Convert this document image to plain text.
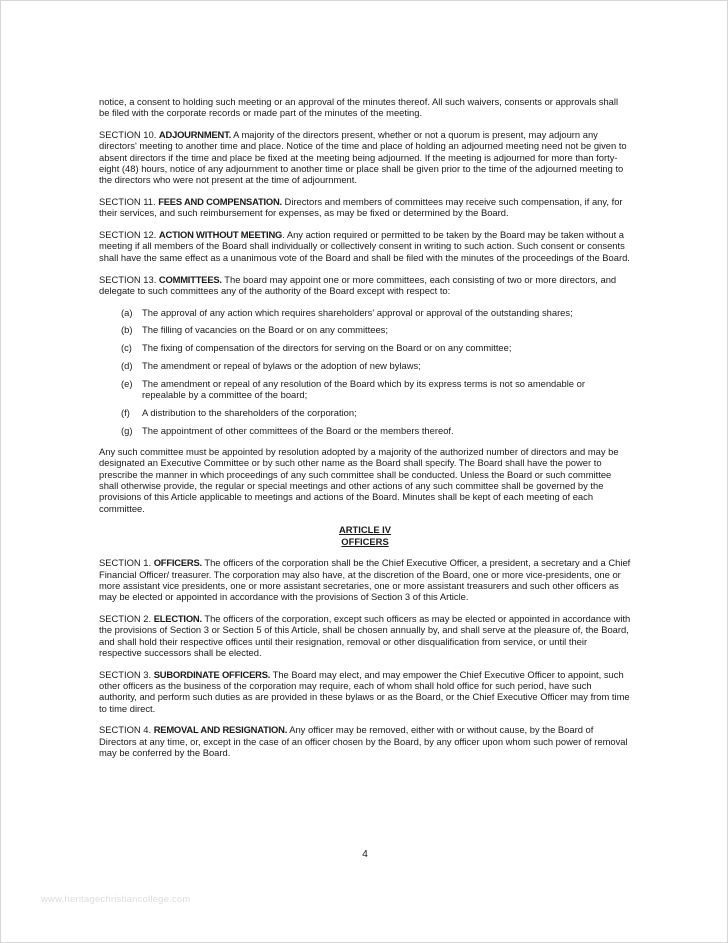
notice, a consent to holding such meeting or an approval of the minutes thereof. All such waivers, consents or approvals shall be filed with the corporate records or made part of the minutes of the meeting.

SECTION 10. ADJOURNMENT. A majority of the directors present, whether or not a quorum is present, may adjourn any directors' meeting to another time and place. Notice of the time and place of holding an adjourned meeting need not be given to absent directors if the time and place be fixed at the meeting being adjourned. If the meeting is adjourned for more than forty-eight (48) hours, notice of any adjournment to another time or place shall be given prior to the time of the adjourned meeting to the directors who were not present at the time of adjournment.

SECTION 11. FEES AND COMPENSATION. Directors and members of committees may receive such compensation, if any, for their services, and such reimbursement for expenses, as may be fixed or determined by the Board.

SECTION 12. ACTION WITHOUT MEETING. Any action required or permitted to be taken by the Board may be taken without a meeting if all members of the Board shall individually or collectively consent in writing to such action. Such consent or consents shall have the same effect as a unanimous vote of the Board and shall be filed with the minutes of the proceedings of the Board.

SECTION 13. COMMITTEES. The board may appoint one or more committees, each consisting of two or more directors, and delegate to such committees any of the authority of the Board except with respect to:

(a) The approval of any action which requires shareholders' approval or approval of the outstanding shares;
(b) The filling of vacancies on the Board or on any committees;
(c) The fixing of compensation of the directors for serving on the Board or on any committee;
(d) The amendment or repeal of bylaws or the adoption of new bylaws;
(e) The amendment or repeal of any resolution of the Board which by its express terms is not so amendable or repealable by a committee of the board;
(f) A distribution to the shareholders of the corporation;
(g) The appointment of other committees of the Board or the members thereof.

Any such committee must be appointed by resolution adopted by a majority of the authorized number of directors and may be designated an Executive Committee or by such other name as the Board shall specify. The Board shall have the power to prescribe the manner in which proceedings of any such committee shall be conducted. Unless the Board or such committee shall otherwise provide, the regular or special meetings and other actions of any such committee shall be governed by the provisions of this Article applicable to meetings and actions of the Board. Minutes shall be kept of each meeting of each committee.

ARTICLE IV
OFFICERS

SECTION 1. OFFICERS. The officers of the corporation shall be the Chief Executive Officer, a president, a secretary and a Chief Financial Officer/ treasurer. The corporation may also have, at the discretion of the Board, one or more vice-presidents, one or more assistant vice presidents, one or more assistant secretaries, one or more assistant treasurers and such other officers as may be elected or appointed in accordance with the provisions of Section 3 of this Article.

SECTION 2. ELECTION. The officers of the corporation, except such officers as may be elected or appointed in accordance with the provisions of Section 3 or Section 5 of this Article, shall be chosen annually by, and shall serve at the pleasure of, the Board, and shall hold their respective offices until their resignation, removal or other disqualification from service, or until their respective successors shall be elected.

SECTION 3. SUBORDINATE OFFICERS. The Board may elect, and may empower the Chief Executive Officer to appoint, such other officers as the business of the corporation may require, each of whom shall hold office for such period, have such authority, and perform such duties as are provided in these bylaws or as the Board, or the Chief Executive Officer may from time to time direct.

SECTION 4. REMOVAL AND RESIGNATION. Any officer may be removed, either with or without cause, by the Board of Directors at any time, or, except in the case of an officer chosen by the Board, by any officer upon whom such power of removal may be conferred by the Board.

4
www.heritagechristiancollege.com
